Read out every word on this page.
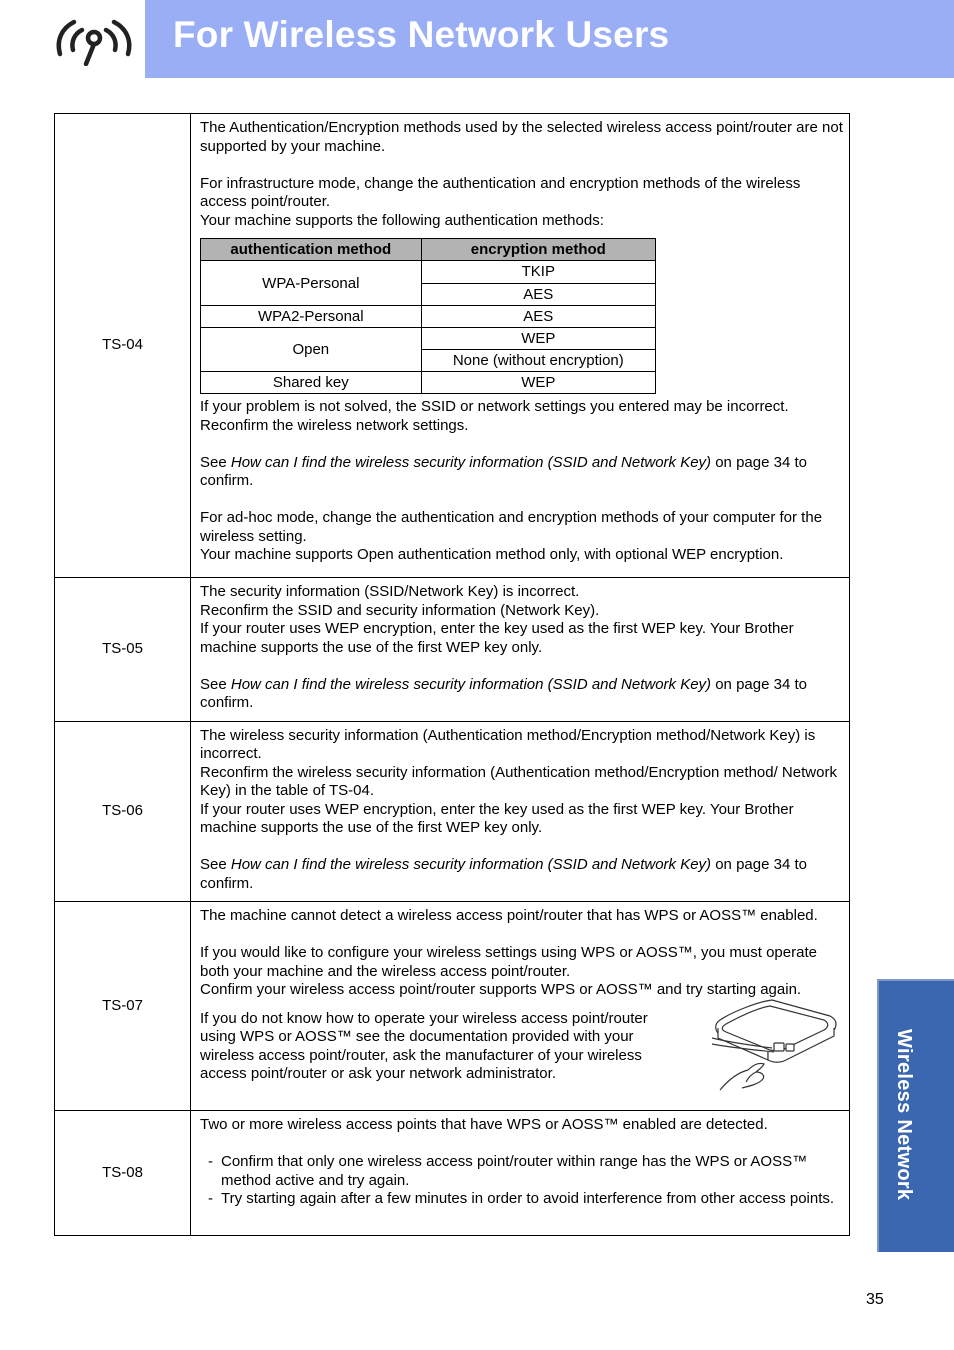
For Wireless Network Users
TS-04	

The Authentication/Encryption methods used by the selected wireless access point/router are not supported by your machine.

For infrastructure mode, change the authentication and encryption methods of the wireless access point/router.

Your machine supports the following authentication methods:

authentication method	encryption method
WPA-Personal	TKIP
AES
WPA2-Personal	AES
Open	WEP
None (without encryption)
Shared key	WEP

If your problem is not solved, the SSID or network settings you entered may be incorrect.

Reconfirm the wireless network settings.

See How can I find the wireless security information (SSID and Network Key) on page 34 to confirm.

For ad-hoc mode, change the authentication and encryption methods of your computer for the wireless setting.

Your machine supports Open authentication method only, with optional WEP encryption.

TS-05	

The security information (SSID/Network Key) is incorrect.

Reconfirm the SSID and security information (Network Key).

If your router uses WEP encryption, enter the key used as the first WEP key. Your Brother machine supports the use of the first WEP key only.

See How can I find the wireless security information (SSID and Network Key) on page 34 to confirm.

TS-06	

The wireless security information (Authentication method/Encryption method/Network Key) is incorrect.

Reconfirm the wireless security information (Authentication method/Encryption method/ Network Key) in the table of TS-04.

If your router uses WEP encryption, enter the key used as the first WEP key. Your Brother machine supports the use of the first WEP key only.

See How can I find the wireless security information (SSID and Network Key) on page 34 to confirm.

TS-07	

The machine cannot detect a wireless access point/router that has WPS or AOSS™ enabled.

If you would like to configure your wireless settings using WPS or AOSS™, you must operate both your machine and the wireless access point/router.

Confirm your wireless access point/router supports WPS or AOSS™ and try starting again.

If you do not know how to operate your wireless access point/router using WPS or AOSS™ see the documentation provided with your wireless access point/router, ask the manufacturer of your wireless access point/router or ask your network administrator.

TS-08	

Two or more wireless access points that have WPS or AOSS™ enabled are detected.

- Confirm that only one wireless access point/router within range has the WPS or AOSS™ method active and try again.
- Try starting again after a few minutes in order to avoid interference from other access points.	Wireless Network
35
